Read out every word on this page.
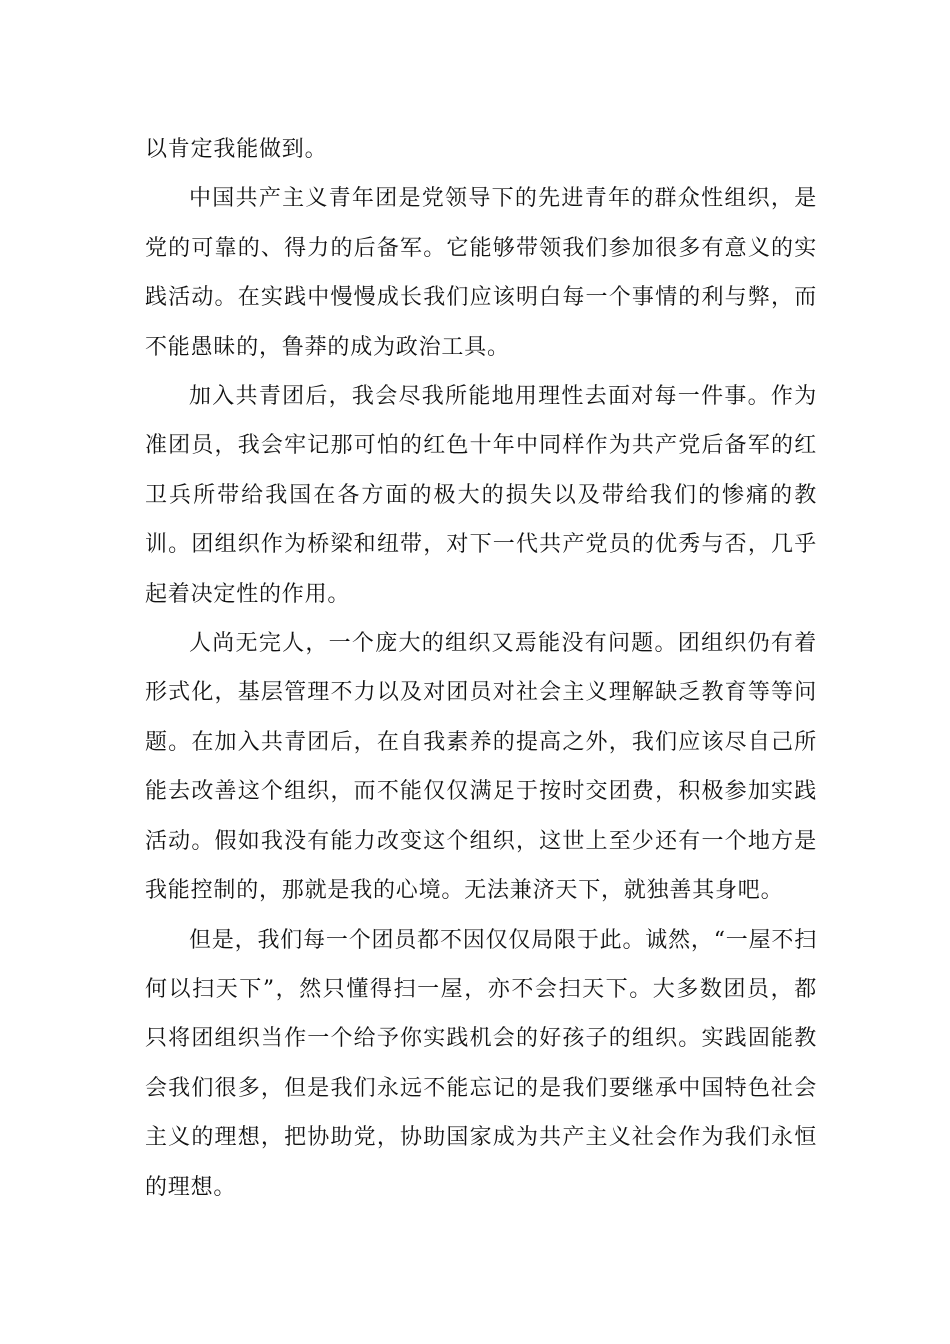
以肯定我能做到。

中国共产主义青年团是党领导下的先进青年的群众性组织，是党的可靠的、得力的后备军。它能够带领我们参加很多有意义的实践活动。在实践中慢慢成长我们应该明白每一个事情的利与弊，而不能愚昧的，鲁莽的成为政治工具。

加入共青团后，我会尽我所能地用理性去面对每一件事。作为准团员，我会牢记那可怕的红色十年中同样作为共产党后备军的红卫兵所带给我国在各方面的极大的损失以及带给我们的惨痛的教训。团组织作为桥梁和纽带，对下一代共产党员的优秀与否，几乎起着决定性的作用。

人尚无完人，一个庞大的组织又焉能没有问题。团组织仍有着形式化，基层管理不力以及对团员对社会主义理解缺乏教育等等问题。在加入共青团后，在自我素养的提高之外，我们应该尽自己所能去改善这个组织，而不能仅仅满足于按时交团费，积极参加实践活动。假如我没有能力改变这个组织，这世上至少还有一个地方是我能控制的，那就是我的心境。无法兼济天下，就独善其身吧。

但是，我们每一个团员都不因仅仅局限于此。诚然，“一屋不扫何以扫天下”，然只懂得扫一屋，亦不会扫天下。大多数团员，都只将团组织当作一个给予你实践机会的好孩子的组织。实践固能教会我们很多，但是我们永远不能忘记的是我们要继承中国特色社会主义的理想，把协助党，协助国家成为共产主义社会作为我们永恒的理想。
